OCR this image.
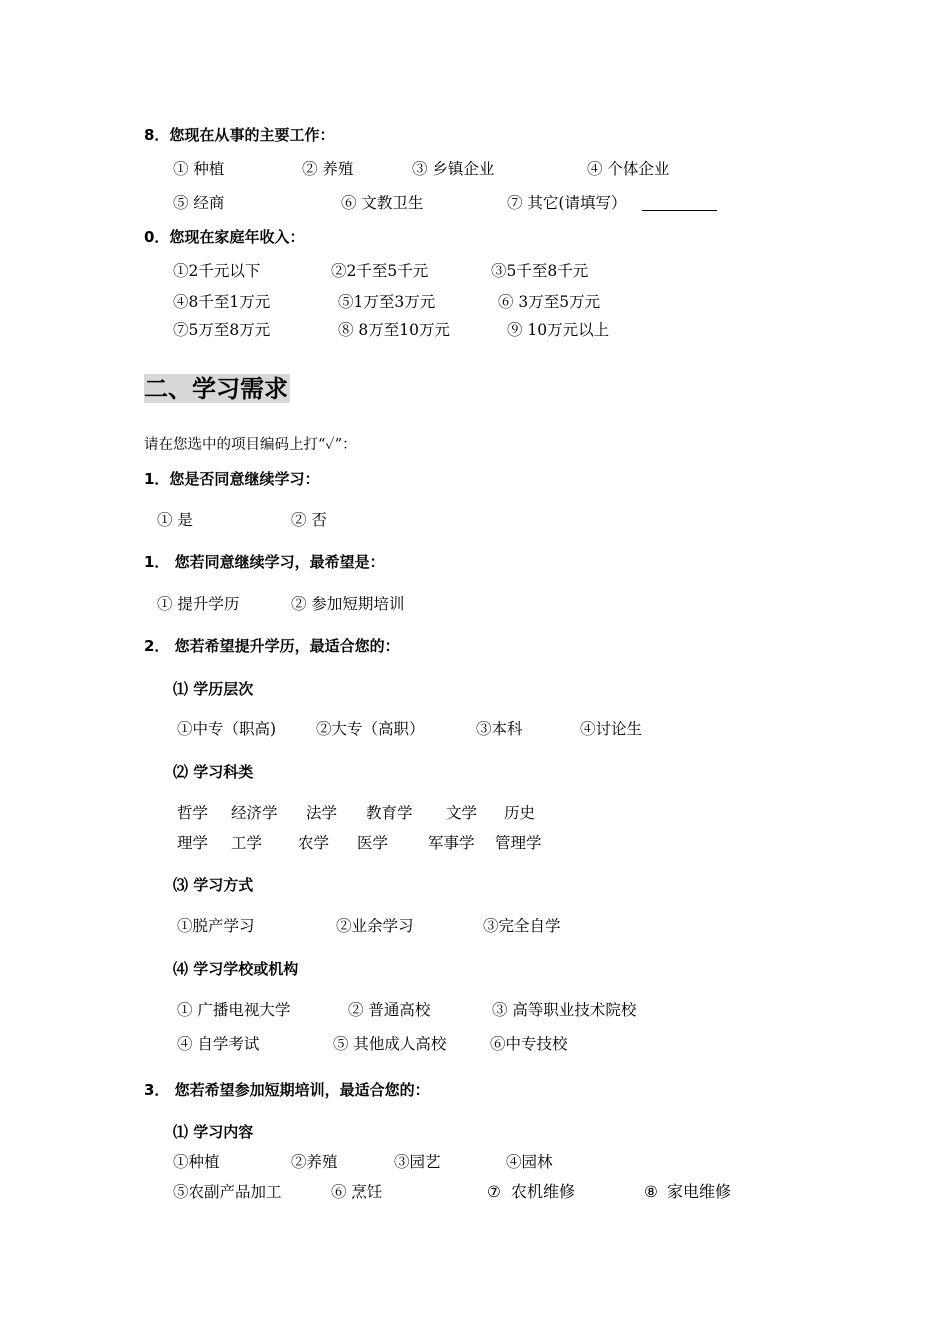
8．您现在从事的主要工作：
① 种植	② 养殖	③ 乡镇企业	④ 个体企业
⑤ 经商	⑥ 文教卫生	⑦ 其它(请填写）
0．您现在家庭年收入：
①2千元以下	②2千至5千元	③5千至8千元
④8千至1万元	⑤1万至3万元	⑥ 3万至5万元
⑦5万至8万元	⑧ 8万至10万元	⑨ 10万元以上
二、学习需求
请在您选中的项目编码上打“✓”：
1．您是否同意继续学习：
① 是	② 否
1． 您若同意继续学习，最希望是：
① 提升学历	② 参加短期培训
2． 您若希望提升学历，最适合您的：
⑴ 学历层次
①中专（职高)	②大专（高职）	③本科	④讨论生
⑵ 学习科类
哲学 经济学 法学 教育学 文学 历史
理学 工学 农学 医学	军事学 管理学
⑶ 学习方式
①脱产学习	②业余学习	③完全自学
⑷ 学习学校或机构
① 广播电视大学	② 普通高校	③ 高等职业技术院校
④ 自学考试	⑤ 其他成人高校	⑥中专技校
3． 您若希望参加短期培训，最适合您的：
⑴ 学习内容
①种植	②养殖	③园艺	④园林
⑤农副产品加工	⑥ 烹饪	⑦ 农机维修	⑧ 家电维修
